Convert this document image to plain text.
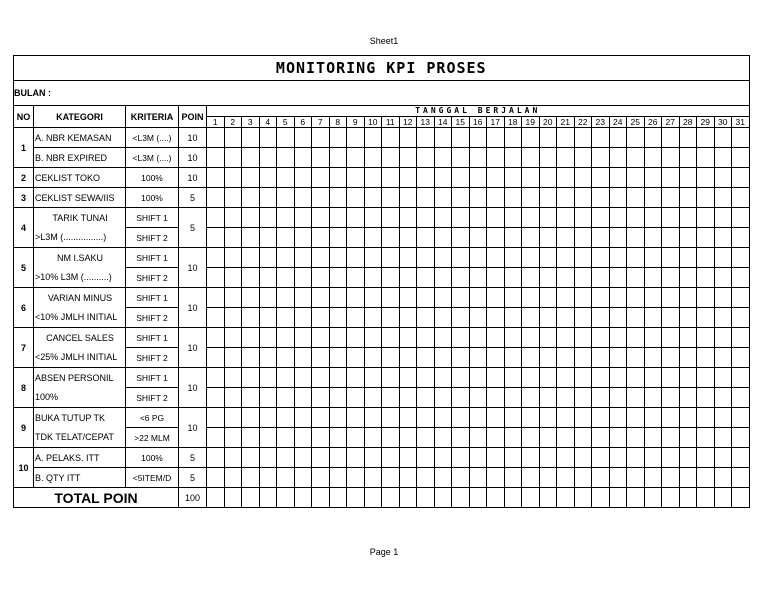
Sheet1
MONITORING KPI PROSES																																		
BULAN :																																		
NO	KATEGORI	KRITERIA	POIN	TANGGAL BERJALAN																														
				1	2	3	4	5	6	7	8	9	10	11	12	13	14	15	16	17	18	19	20	21	22	23	24	25	26	27	28	29	30	31
1	A. NBR KEMASAN	<L3M (....)	10																															
	B. NBR EXPIRED	<L3M (....)	10																															
2	CEKLIST TOKO	100%	10																															
3	CEKLIST SEWA/IIS	100%	5																															
4	TARIK TUNAI	SHIFT 1	5																															
	>L3M (................)	SHIFT 2																																
5	NM I.SAKU	SHIFT 1	10																															
	>10% L3M (..........)	SHIFT 2																																
6	VARIAN MINUS	SHIFT 1	10																															
	<10% JMLH INITIAL	SHIFT 2																																
7	CANCEL SALES	SHIFT 1	10																															
	<25% JMLH INITIAL	SHIFT 2																																
8	ABSEN PERSONIL	SHIFT 1	10																															
	100%	SHIFT 2																																
9	BUKA TUTUP TK	<6 PG	10																															
	TDK TELAT/CEPAT	>22 MLM																																
10	A. PELAKS. ITT	100%	5																															
	B. QTY ITT	<5ITEM/D	5																															
TOTAL POIN			100																															
Page 1
